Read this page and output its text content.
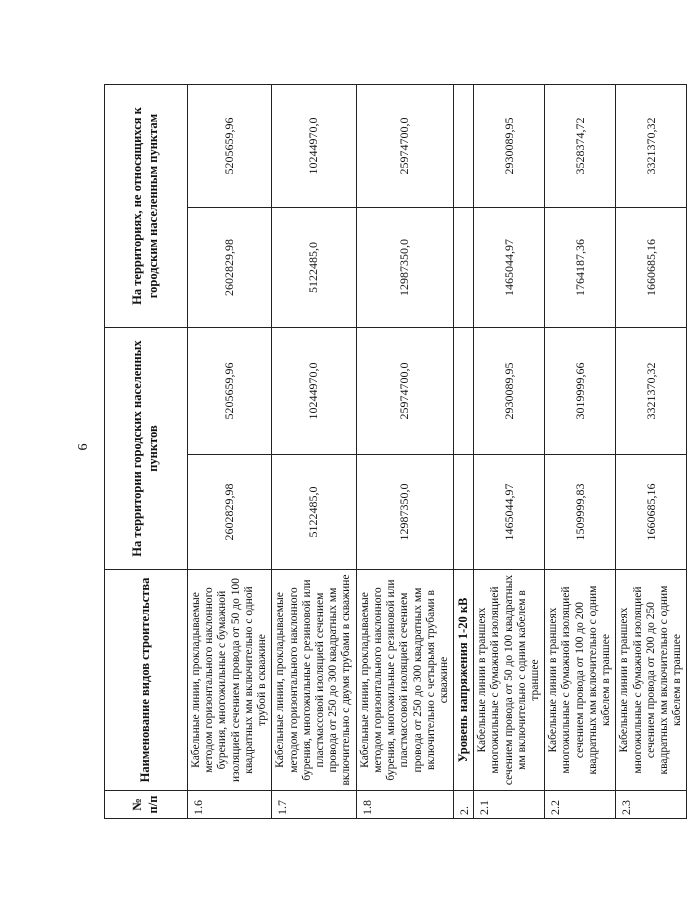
6
№ п/п	Наименование видов строительства	На территории городских населенных пунктов		На территориях, не относящихся к городским населенным пунктам	
1.6	Кабельные линии, прокладываемые методом горизонтального наклонного бурения, многожильные с бумажной изоляцией сечением провода от 50 до 100 квадратных мм включительно с одной трубой в скважине	2602829,98	5205659,96	2602829,98	5205659,96
1.7	Кабельные линии, прокладываемые методом горизонтального наклонного бурения, многожильные с резиновой или пластмассовой изоляцией сечением провода от 250 до 300 квадратных мм включительно с двумя трубами в скважине	5122485,0	10244970,0	5122485,0	10244970,0
1.8	Кабельные линии, прокладываемые методом горизонтального наклонного бурения, многожильные с резиновой или пластмассовой изоляцией сечением провода от 250 до 300 квадратных мм включительно с четырьмя трубами в скважине	12987350,0	25974700,0	12987350,0	25974700,0
2.	Уровень напряжения 1-20 кВ				
2.1	Кабельные линии в траншеях многожильные с бумажной изоляцией сечением провода от 50 до 100 квадратных мм включительно с одним кабелем в траншее	1465044,97	2930089,95	1465044,97	2930089,95
2.2	Кабельные линии в траншеях многожильные с бумажной изоляцией сечением провода от 100 до 200 квадратных мм включительно с одним кабелем в траншее	1509999,83	3019999,66	1764187,36	3528374,72
2.3	Кабельные линии в траншеях многожильные с бумажной изоляцией сечением провода от 200 до 250 квадратных мм включительно с одним кабелем в траншее	1660685,16	3321370,32	1660685,16	3321370,32
